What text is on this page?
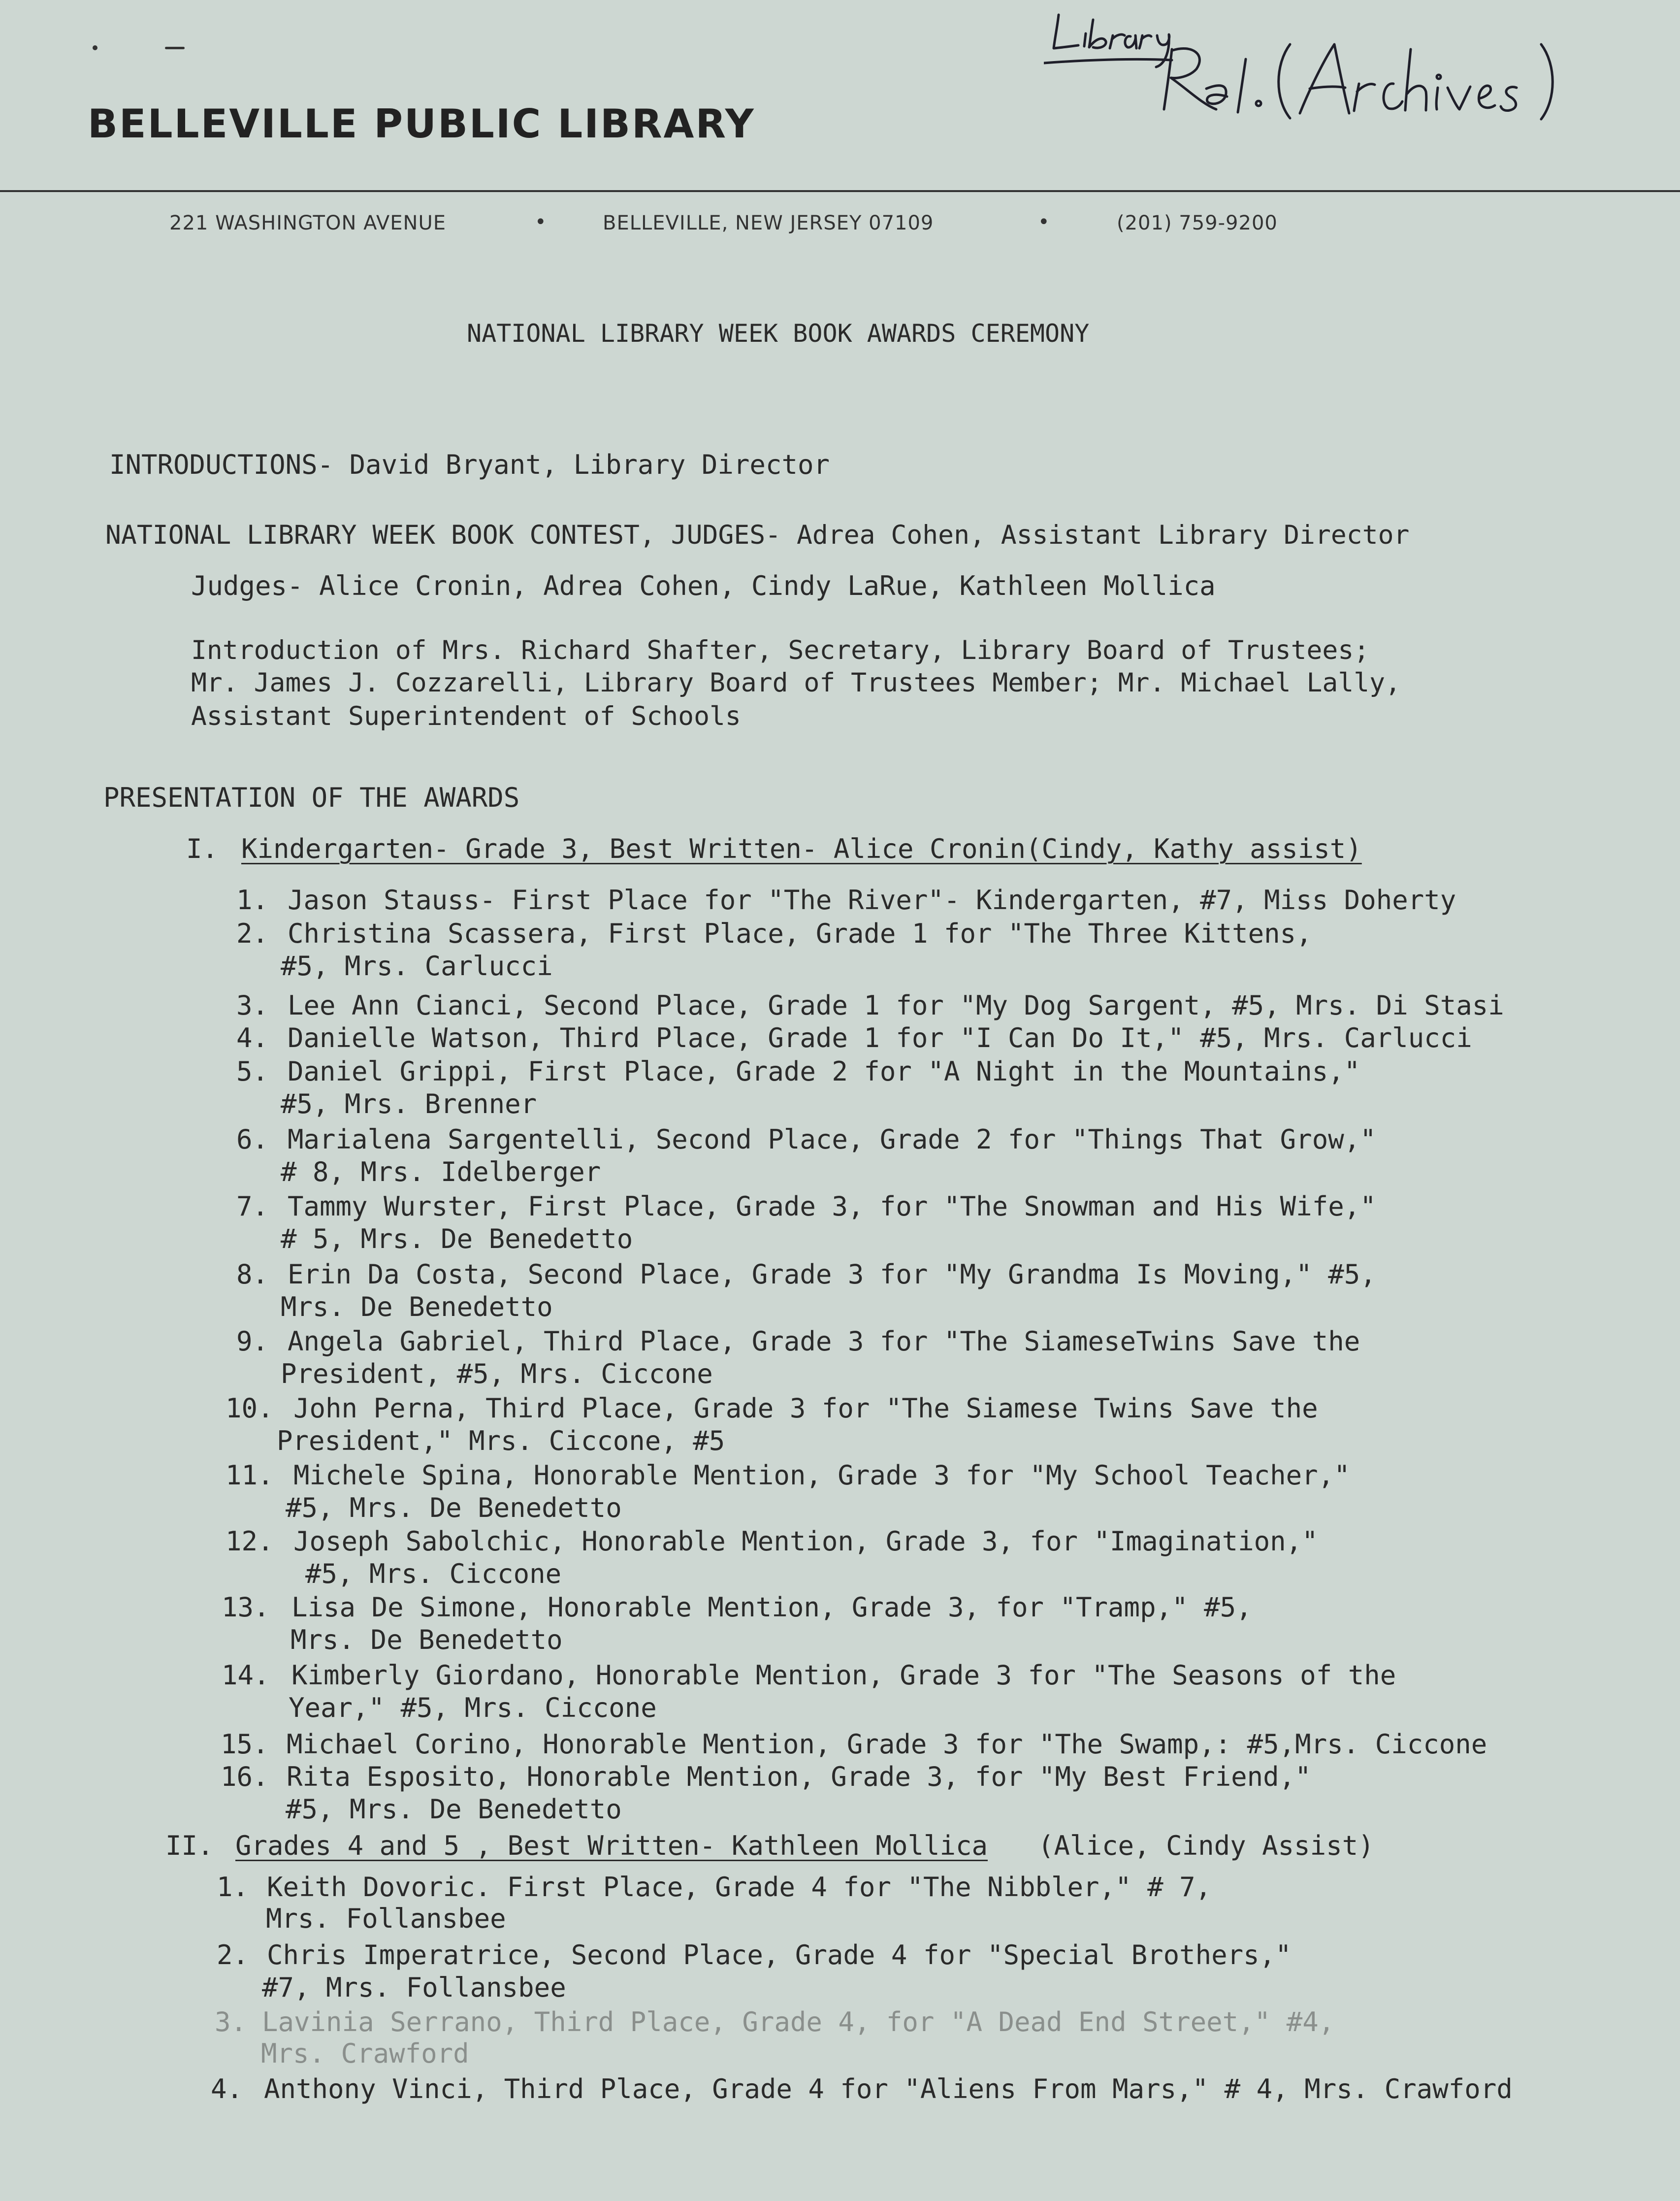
BELLEVILLE PUBLIC LIBRARY
221 WASHINGTON AVENUE	•	BELLEVILLE, NEW JERSEY 07109	•	(201) 759-9200
NATIONAL LIBRARY WEEK BOOK AWARDS CEREMONY
INTRODUCTIONS- David Bryant, Library Director
NATIONAL LIBRARY WEEK BOOK CONTEST, JUDGES- Adrea Cohen, Assistant Library Director
Judges- Alice Cronin, Adrea Cohen, Cindy LaRue, Kathleen Mollica
Introduction of Mrs. Richard Shafter, Secretary, Library Board of Trustees;
Mr. James J. Cozzarelli, Library Board of Trustees Member; Mr. Michael Lally,
Assistant Superintendent of Schools
PRESENTATION OF THE AWARDS
I. Kindergarten- Grade 3, Best Written- Alice Cronin(Cindy, Kathy assist)
1. Jason Stauss- First Place for "The River"- Kindergarten, #7, Miss Doherty
2. Christina Scassera, First Place, Grade 1 for "The Three Kittens,
#5, Mrs. Carlucci
3. Lee Ann Cianci, Second Place, Grade 1 for "My Dog Sargent, #5, Mrs. Di Stasi
4. Danielle Watson, Third Place, Grade 1 for "I Can Do It," #5, Mrs. Carlucci
5. Daniel Grippi, First Place, Grade 2 for "A Night in the Mountains,"
#5, Mrs. Brenner
6. Marialena Sargentelli, Second Place, Grade 2 for "Things That Grow,"
# 8, Mrs. Idelberger
7. Tammy Wurster, First Place, Grade 3, for "The Snowman and His Wife,"
# 5, Mrs. De Benedetto
8. Erin Da Costa, Second Place, Grade 3 for "My Grandma Is Moving," #5,
Mrs. De Benedetto
9. Angela Gabriel, Third Place, Grade 3 for "The SiameseTwins Save the
President, #5, Mrs. Ciccone
10. John Perna, Third Place, Grade 3 for "The Siamese Twins Save the
President," Mrs. Ciccone, #5
11. Michele Spina, Honorable Mention, Grade 3 for "My School Teacher,"
#5, Mrs. De Benedetto
12. Joseph Sabolchic, Honorable Mention, Grade 3, for "Imagination,"
#5, Mrs. Ciccone
13. Lisa De Simone, Honorable Mention, Grade 3, for "Tramp," #5,
Mrs. De Benedetto
14. Kimberly Giordano, Honorable Mention, Grade 3 for "The Seasons of the
Year," #5, Mrs. Ciccone
15. Michael Corino, Honorable Mention, Grade 3 for "The Swamp,: #5,Mrs. Ciccone
16. Rita Esposito, Honorable Mention, Grade 3, for "My Best Friend,"
#5, Mrs. De Benedetto
II. Grades 4 and 5 , Best Written- Kathleen Mollica (Alice, Cindy Assist)
1. Keith Dovoric. First Place, Grade 4 for "The Nibbler," # 7,
Mrs. Follansbee
2. Chris Imperatrice, Second Place, Grade 4 for "Special Brothers,"
#7, Mrs. Follansbee
3. Lavinia Serrano, Third Place, Grade 4, for "A Dead End Street," #4,
Mrs. Crawford
4. Anthony Vinci, Third Place, Grade 4 for "Aliens From Mars," # 4, Mrs. Crawford
